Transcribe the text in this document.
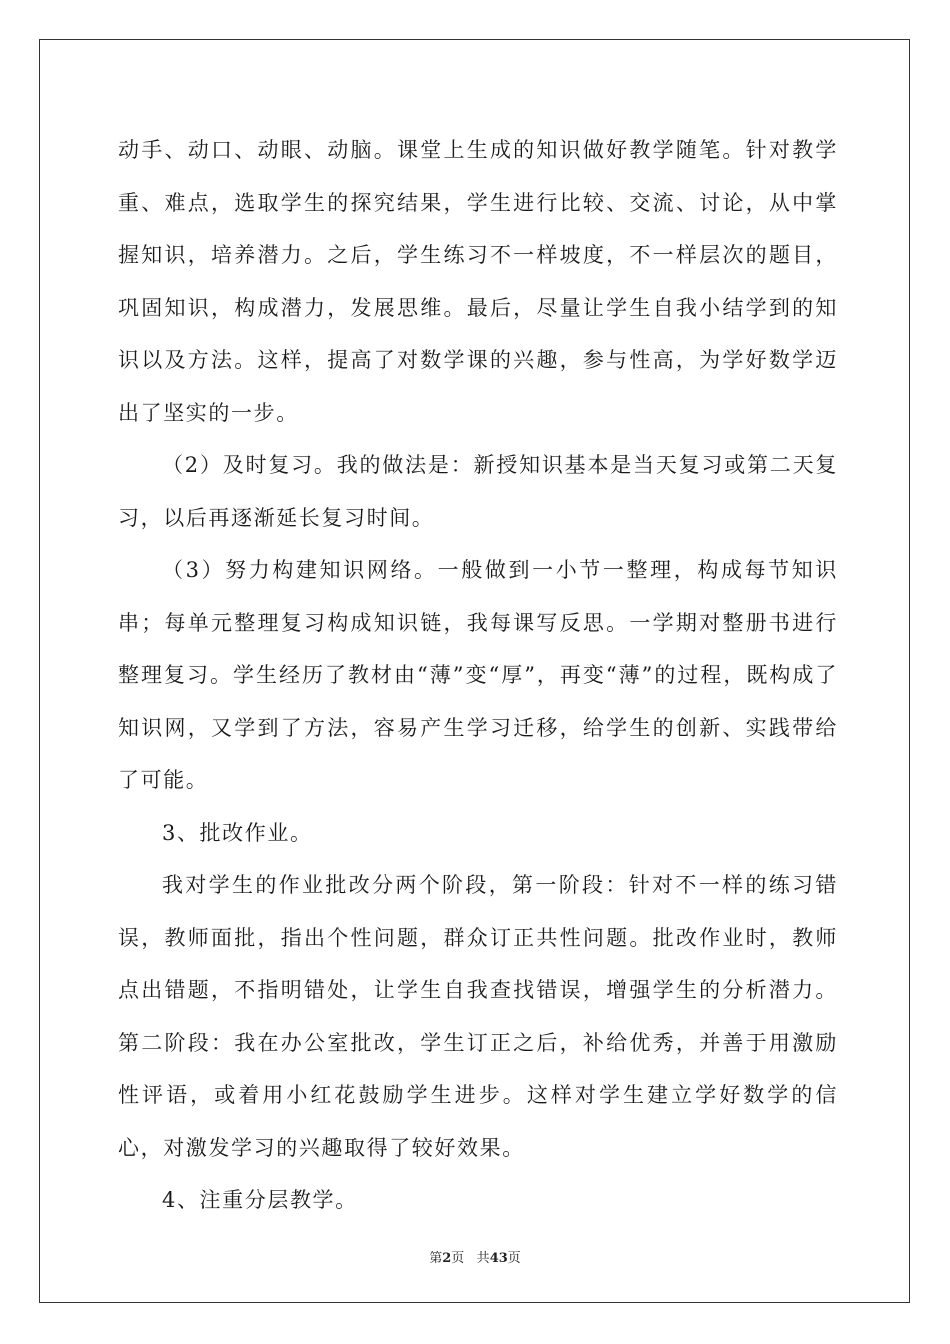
动手、动口、动眼、动脑。课堂上生成的知识做好教学随笔。针对教学重、难点，选取学生的探究结果，学生进行比较、交流、讨论，从中掌握知识，培养潜力。之后，学生练习不一样坡度，不一样层次的题目，巩固知识，构成潜力，发展思维。最后，尽量让学生自我小结学到的知识以及方法。这样，提高了对数学课的兴趣，参与性高，为学好数学迈出了坚实的一步。

（2）及时复习。我的做法是：新授知识基本是当天复习或第二天复习，以后再逐渐延长复习时间。

（3）努力构建知识网络。一般做到一小节一整理，构成每节知识串；每单元整理复习构成知识链，我每课写反思。一学期对整册书进行整理复习。学生经历了教材由“薄”变“厚”，再变“薄”的过程，既构成了知识网，又学到了方法，容易产生学习迁移，给学生的创新、实践带给了可能。

3、批改作业。

我对学生的作业批改分两个阶段，第一阶段：针对不一样的练习错误，教师面批，指出个性问题，群众订正共性问题。批改作业时，教师点出错题，不指明错处，让学生自我查找错误，增强学生的分析潜力。第二阶段：我在办公室批改，学生订正之后，补给优秀，并善于用激励性评语，或着用小红花鼓励学生进步。这样对学生建立学好数学的信心，对激发学习的兴趣取得了较好效果。

4、注重分层教学。

第2页 共43页
